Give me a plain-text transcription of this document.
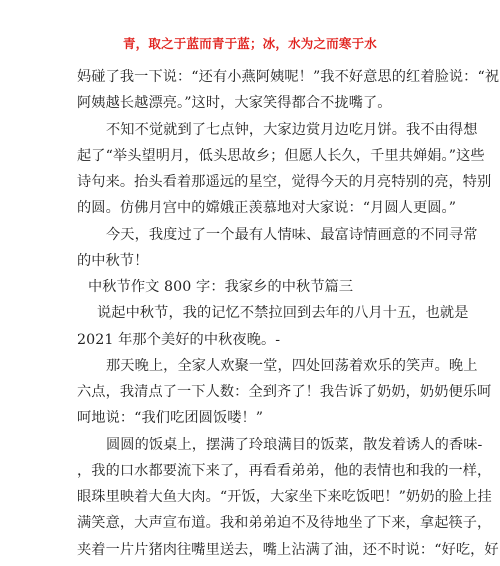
青，取之于蓝而青于蓝；冰，水为之而寒于水
妈碰了我一下说：“还有小燕阿姨呢！”我不好意思的红着脸说：“祝
阿姨越长越漂亮。”这时，大家笑得都合不拢嘴了。
不知不觉就到了七点钟，大家边赏月边吃月饼。我不由得想
起了“举头望明月，低头思故乡；但愿人长久，千里共婵娟。”这些
诗句来。抬头看着那遥远的星空，觉得今天的月亮特别的亮，特别
的圆。仿佛月宫中的嫦娥正羡慕地对大家说：“月圆人更圆。”
今天，我度过了一个最有人情味、最富诗情画意的不同寻常
的中秋节！
中秋节作文 800 字：我家乡的中秋节篇三
说起中秋节，我的记忆不禁拉回到去年的八月十五，也就是
2021 年那个美好的中秋夜晚。-
那天晚上，全家人欢聚一堂，四处回荡着欢乐的笑声。晚上
六点，我清点了一下人数：全到齐了！我告诉了奶奶，奶奶便乐呵
呵地说：“我们吃团圆饭喽！”
圆圆的饭桌上，摆满了玲琅满目的饭菜，散发着诱人的香味-
，我的口水都要流下来了，再看看弟弟，他的表情也和我的一样，
眼珠里映着大鱼大肉。“开饭，大家坐下来吃饭吧！”奶奶的脸上挂
满笑意，大声宣布道。我和弟弟迫不及待地坐了下来，拿起筷子，
夹着一片片猪肉往嘴里送去，嘴上沾满了油，还不时说：“好吃，好
